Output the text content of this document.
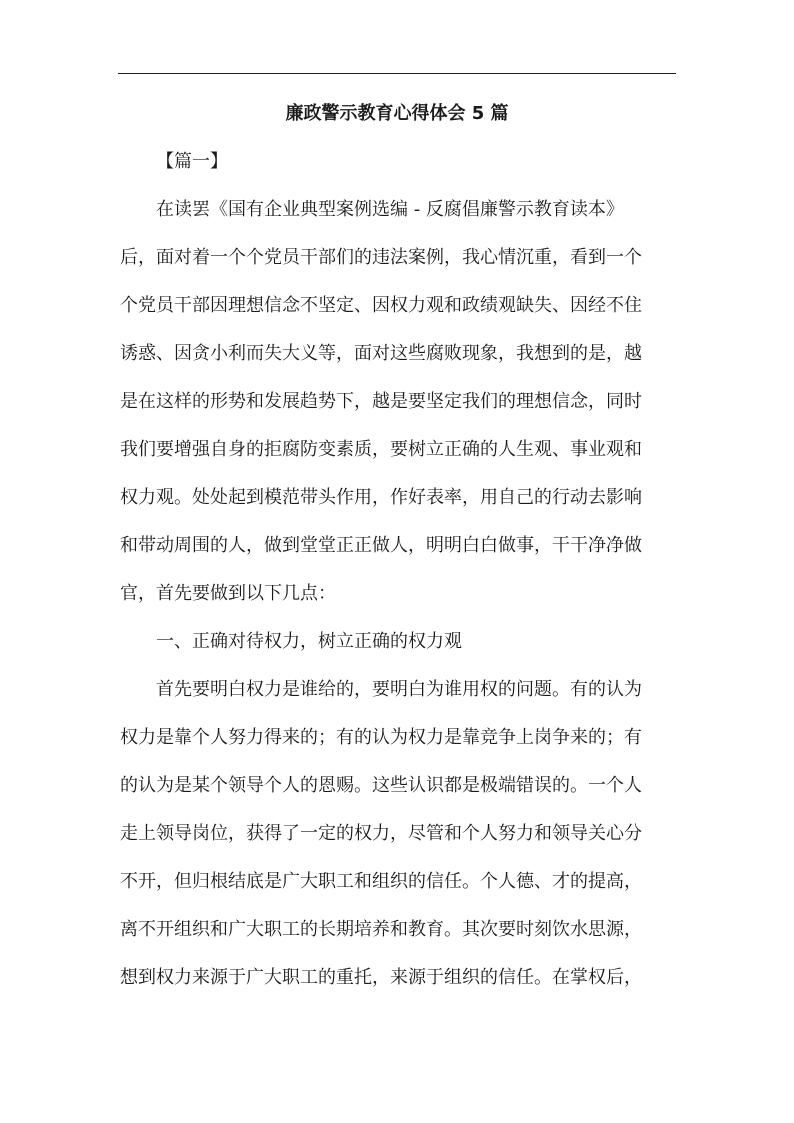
廉政警示教育心得体会 5 篇
【篇一】
在读罢《国有企业典型案例选编 - 反腐倡廉警示教育读本》
后，面对着一个个党员干部们的违法案例，我心情沉重，看到一个
个党员干部因理想信念不坚定、因权力观和政绩观缺失、因经不住
诱惑、因贪小利而失大义等，面对这些腐败现象，我想到的是，越
是在这样的形势和发展趋势下，越是要坚定我们的理想信念，同时
我们要增强自身的拒腐防变素质，要树立正确的人生观、事业观和
权力观。处处起到模范带头作用，作好表率，用自己的行动去影响
和带动周围的人，做到堂堂正正做人，明明白白做事，干干净净做
官，首先要做到以下几点：
一、正确对待权力，树立正确的权力观
首先要明白权力是谁给的，要明白为谁用权的问题。有的认为
权力是靠个人努力得来的；有的认为权力是靠竞争上岗争来的；有
的认为是某个领导个人的恩赐。这些认识都是极端错误的。一个人
走上领导岗位，获得了一定的权力，尽管和个人努力和领导关心分
不开，但归根结底是广大职工和组织的信任。个人德、才的提高，
离不开组织和广大职工的长期培养和教育。其次要时刻饮水思源，
想到权力来源于广大职工的重托，来源于组织的信任。在掌权后，
